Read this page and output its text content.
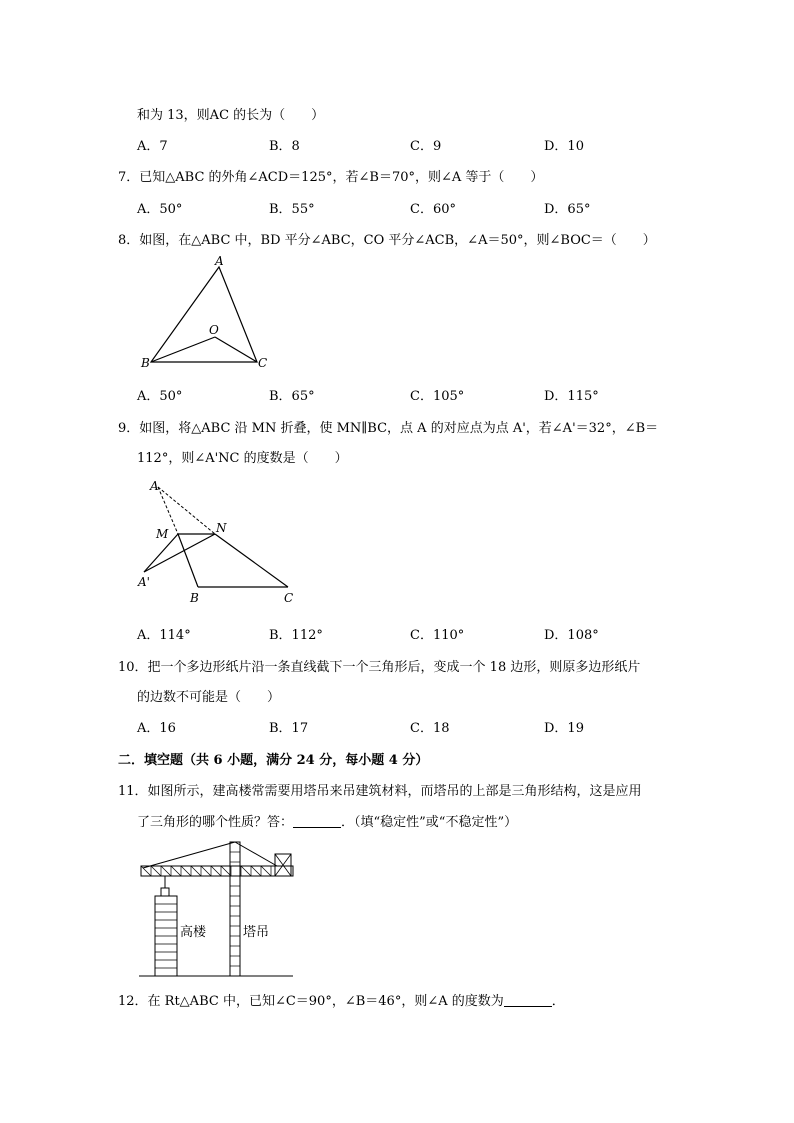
和为 13，则AC 的长为（　　）
A．7	B．8	C．9	D．10
7．已知△ABC 的外角∠ACD＝125°，若∠B＝70°，则∠A 等于（　　）
A．50°	B．55°	C．60°	D．65°
8．如图，在△ABC 中，BD 平分∠ABC，CO 平分∠ACB，∠A＝50°，则∠BOC＝（　　）
A
O
B	C
A．50°	B．65°	C．105°	D．115°
9．如图，将△ABC 沿 MN 折叠，使 MN∥BC，点 A 的对应点为点 A'，若∠A'＝32°，∠B＝
112°，则∠A'NC 的度数是（　　）
A
M	N
A'
B	C
A．114°	B．112°	C．110°	D．108°
10．把一个多边形纸片沿一条直线截下一个三角形后，变成一个 18 边形，则原多边形纸片
的边数不可能是（　　）
A．16	B．17	C．18	D．19
二．填空题（共 6 小题，满分 24 分，每小题 4 分）
11．如图所示，建高楼常需要用塔吊来吊建筑材料，而塔吊的上部是三角形结构，这是应用
了三角形的哪个性质？答：	．（填“稳定性”或“不稳定性”）
高楼	塔吊
12．在 Rt△ABC 中，已知∠C＝90°，∠B＝46°，则∠A 的度数为	．
